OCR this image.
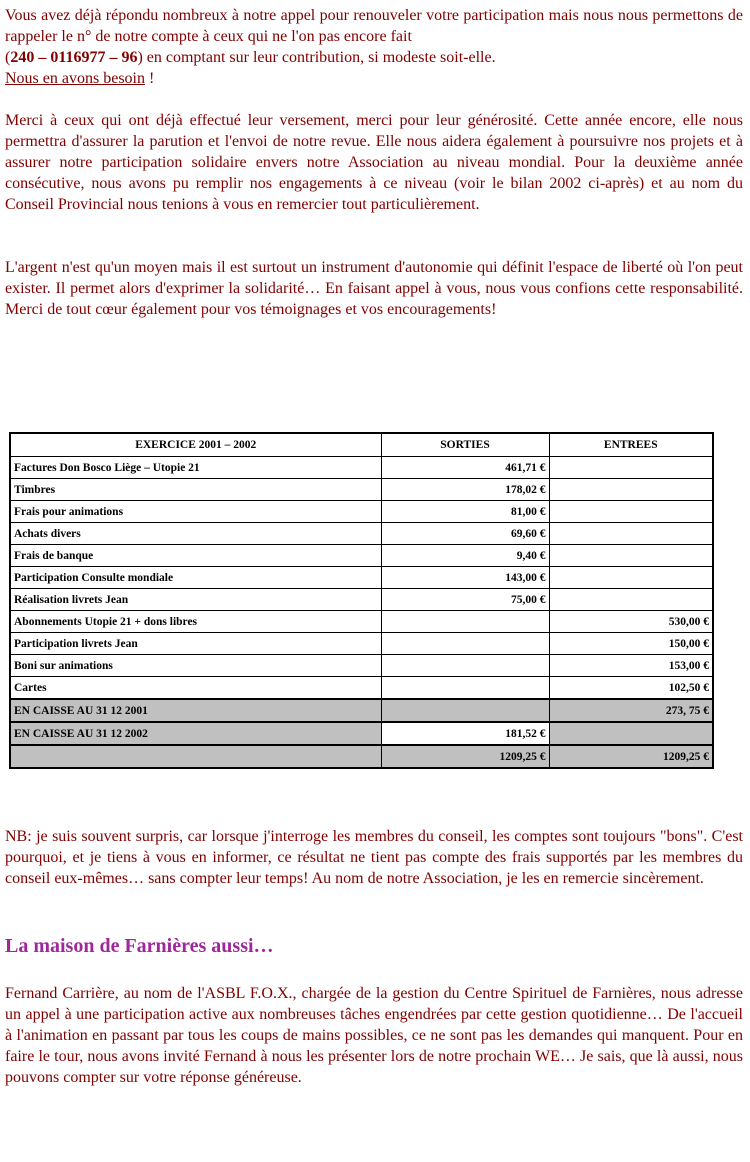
Vous avez déjà répondu nombreux à notre appel pour renouveler votre participation mais nous nous permettons de rappeler le n° de notre compte à ceux qui ne l'on pas encore fait
(240 – 0116977 – 96) en comptant sur leur contribution, si modeste soit-elle.
Nous en avons besoin !

Merci à ceux qui ont déjà effectué leur versement, merci pour leur générosité. Cette année encore, elle nous permettra d'assurer la parution et l'envoi de notre revue. Elle nous aidera également à poursuivre nos projets et à assurer notre participation solidaire envers notre Association au niveau mondial. Pour la deuxième année consécutive, nous avons pu remplir nos engagements à ce niveau (voir le bilan 2002 ci-après) et au nom du Conseil Provincial nous tenions à vous en remercier tout particulièrement.

L'argent n'est qu'un moyen mais il est surtout un instrument d'autonomie qui définit l'espace de liberté où l'on peut exister. Il permet alors d'exprimer la solidarité… En faisant appel à vous, nous vous confions cette responsabilité. Merci de tout cœur également pour vos témoignages et vos encouragements!

EXERCICE 2001 – 2002	SORTIES	ENTREES
Factures Don Bosco Liège – Utopie 21	461,71 €	
Timbres	178,02 €	
Frais pour animations	81,00 €	
Achats divers	69,60 €	
Frais de banque	9,40 €	
Participation Consulte mondiale	143,00 €	
Réalisation livrets Jean	75,00 €	
Abonnements Utopie 21 + dons libres		530,00 €
Participation livrets Jean		150,00 €
Boni sur animations		153,00 €
Cartes		102,50 €
EN CAISSE AU 31 12 2001		273, 75 €
EN CAISSE AU 31 12 2002	181,52 €	
	1209,25 €	1209,25 €

NB: je suis souvent surpris, car lorsque j'interroge les membres du conseil, les comptes sont toujours "bons". C'est pourquoi, et je tiens à vous en informer, ce résultat ne tient pas compte des frais supportés par les membres du conseil eux-mêmes… sans compter leur temps! Au nom de notre Association, je les en remercie sincèrement.

La maison de Farnières aussi…

Fernand Carrière, au nom de l'ASBL F.O.X., chargée de la gestion du Centre Spirituel de Farnières, nous adresse un appel à une participation active aux nombreuses tâches engendrées par cette gestion quotidienne… De l'accueil à l'animation en passant par tous les coups de mains possibles, ce ne sont pas les demandes qui manquent. Pour en faire le tour, nous avons invité Fernand à nous les présenter lors de notre prochain WE… Je sais, que là aussi, nous pouvons compter sur votre réponse généreuse.
